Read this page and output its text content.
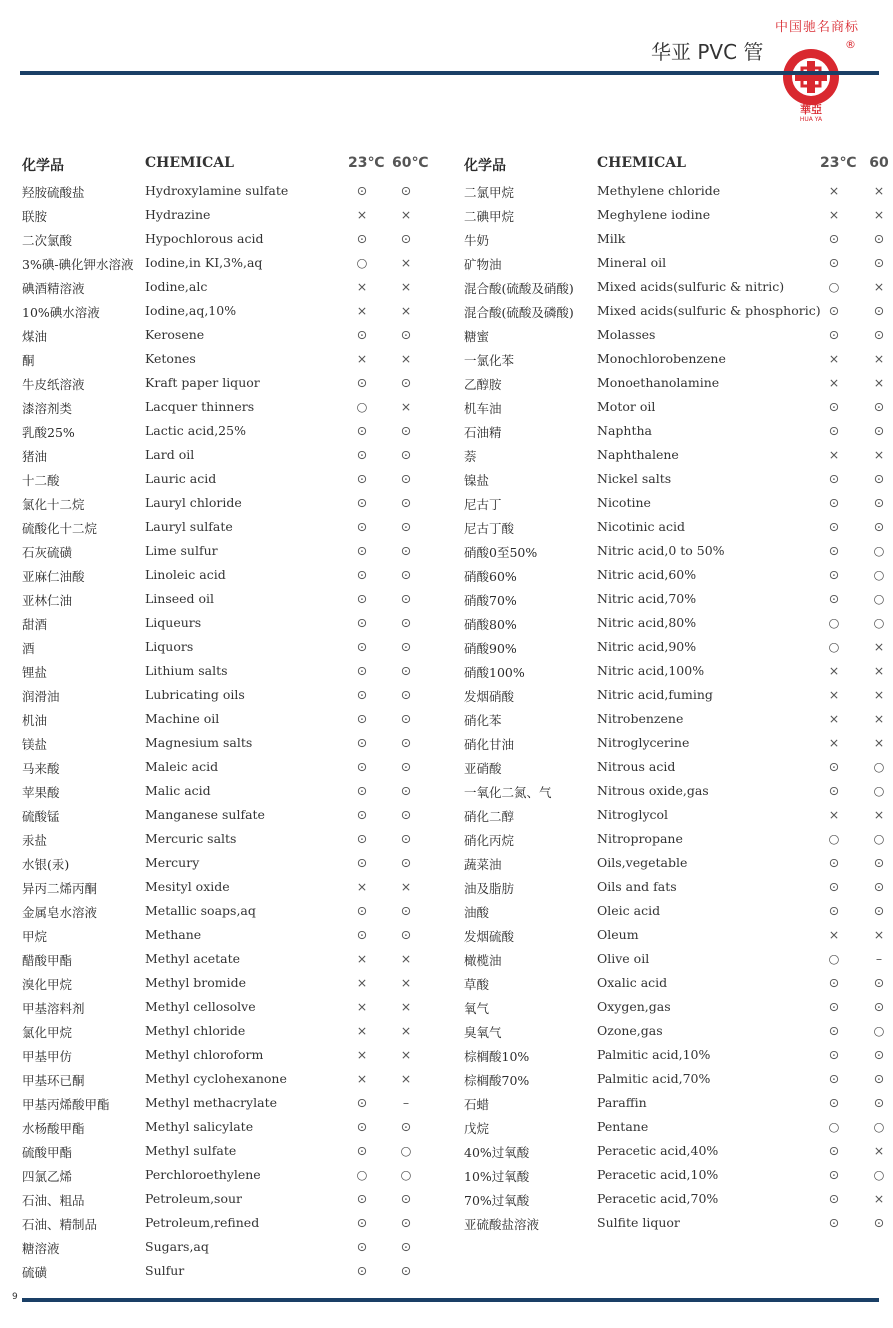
中国驰名商标
华亚 PVC 管	®
華亞
HUA YA
化学品	CHEMICAL	23℃ 60℃
羟胺硫酸盐	Hydroxylamine sulfate	⊙	⊙
联胺	Hydrazine	×	×
二次氯酸	Hypochlorous acid	⊙	⊙
3%碘-碘化钾水溶液 Iodine,in KI,3%,aq	○	×
碘酒精溶液	Iodine,alc	×	×
10%碘水溶液	Iodine,aq,10%	×	×
煤油	Kerosene	⊙	⊙
酮	Ketones	×	×
牛皮纸溶液	Kraft paper liquor	⊙	⊙
漆溶剂类	Lacquer thinners	○	×
乳酸25%	Lactic acid,25%	⊙	⊙
猪油	Lard oil	⊙	⊙
十二酸	Lauric acid	⊙	⊙
氯化十二烷	Lauryl chloride	⊙	⊙
硫酸化十二烷	Lauryl sulfate	⊙	⊙
石灰硫磺	Lime sulfur	⊙	⊙
亚麻仁油酸	Linoleic acid	⊙	⊙
亚林仁油	Linseed oil	⊙	⊙
甜酒	Liqueurs	⊙	⊙
酒	Liquors	⊙	⊙
锂盐	Lithium salts	⊙	⊙
润滑油	Lubricating oils	⊙	⊙
机油	Machine oil	⊙	⊙
镁盐	Magnesium salts	⊙	⊙
马来酸	Maleic acid	⊙	⊙
苹果酸	Malic acid	⊙	⊙
硫酸锰	Manganese sulfate	⊙	⊙
汞盐	Mercuric salts	⊙	⊙
水银(汞)	Mercury	⊙	⊙
异丙二烯丙酮	Mesityl oxide	×	×
金属皂水溶液	Metallic soaps,aq	⊙	⊙
甲烷	Methane	⊙	⊙
醋酸甲酯	Methyl acetate	×	×
溴化甲烷	Methyl bromide	×	×
甲基溶料剂	Methyl cellosolve	×	×
氯化甲烷	Methyl chloride	×	×
甲基甲仿	Methyl chloroform	×	×
甲基环已酮	Methyl cyclohexanone	×	×
甲基丙烯酸甲酯	Methyl methacrylate	⊙	–
水杨酸甲酯	Methyl salicylate	⊙	⊙
硫酸甲酯	Methyl sulfate	⊙	○
四氯乙烯	Perchloroethylene	○	○
石油、粗品	Petroleum,sour	⊙	⊙
石油、精制品	Petroleum,refined	⊙	⊙
糖溶液	Sugars,aq	⊙	⊙
硫磺	Sulfur	⊙	⊙
化学品	CHEMICAL	23℃ 60
二氯甲烷	Methylene chloride	×	×
二碘甲烷	Meghylene iodine	×	×
牛奶	Milk	⊙	⊙
矿物油	Mineral oil	⊙	⊙
混合酸(硫酸及硝酸) Mixed acids(sulfuric & nitric)	○	×
混合酸(硫酸及磷酸) Mixed acids(sulfuric & phosphoric) ⊙	⊙
糖蜜	Molasses	⊙	⊙
一氯化苯	Monochlorobenzene	×	×
乙醇胺	Monoethanolamine	×	×
机车油	Motor oil	⊙	⊙
石油精	Naphtha	⊙	⊙
萘	Naphthalene	×	×
镍盐	Nickel salts	⊙	⊙
尼古丁	Nicotine	⊙	⊙
尼古丁酸	Nicotinic acid	⊙	⊙
硝酸0至50%	Nitric acid,0 to 50%	⊙	○
硝酸60%	Nitric acid,60%	⊙	○
硝酸70%	Nitric acid,70%	⊙	○
硝酸80%	Nitric acid,80%	○	○
硝酸90%	Nitric acid,90%	○	×
硝酸100%	Nitric acid,100%	×	×
发烟硝酸	Nitric acid,fuming	×	×
硝化苯	Nitrobenzene	×	×
硝化甘油	Nitroglycerine	×	×
亚硝酸	Nitrous acid	⊙	○
一氧化二氮、气	Nitrous oxide,gas	⊙	○
硝化二醇	Nitroglycol	×	×
硝化丙烷	Nitropropane	○	○
蔬菜油	Oils,vegetable	⊙	⊙
油及脂肪	Oils and fats	⊙	⊙
油酸	Oleic acid	⊙	⊙
发烟硫酸	Oleum	×	×
橄榄油	Olive oil	○	–
草酸	Oxalic acid	⊙	⊙
氧气	Oxygen,gas	⊙	⊙
臭氧气	Ozone,gas	⊙	○
棕榈酸10%	Palmitic acid,10%	⊙	⊙
棕榈酸70%	Palmitic acid,70%	⊙	⊙
石蜡	Paraffin	⊙	⊙
戊烷	Pentane	○	○
40%过氧酸	Peracetic acid,40%	⊙	×
10%过氧酸	Peracetic acid,10%	⊙	○
70%过氧酸	Peracetic acid,70%	⊙	×
亚硫酸盐溶液	Sulfite liquor	⊙	⊙
9
